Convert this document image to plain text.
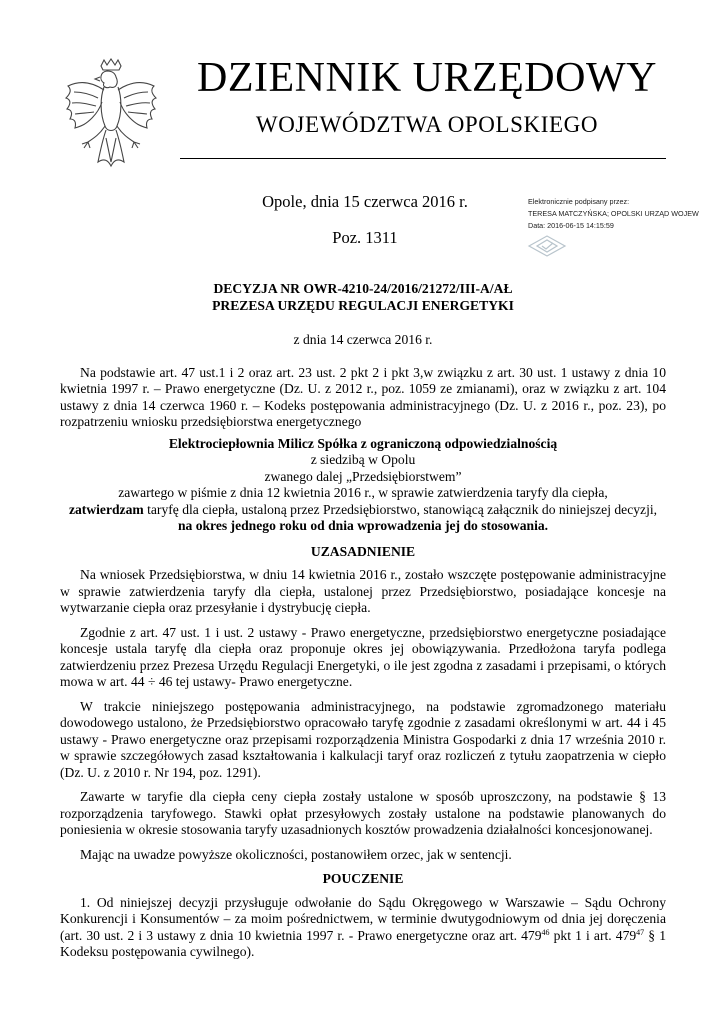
DZIENNIK URZĘDOWY
WOJEWÓDZTWA OPOLSKIEGO
Opole, dnia 15 czerwca 2016 r.
Poz. 1311
Elektronicznie podpisany przez:
TERESA MATCZYŃSKA; OPOLSKI URZĄD WOJEW
Data: 2016-06-15 14:15:59

DECYZJA NR OWR-4210-24/2016/21272/III-A/AŁ

PREZESA URZĘDU REGULACJI ENERGETYKI

z dnia 14 czerwca 2016 r.

Na podstawie art. 47 ust.1 i 2 oraz art. 23 ust. 2 pkt 2 i pkt 3,w związku z art. 30 ust. 1 ustawy z dnia 10 kwietnia 1997 r. – Prawo energetyczne (Dz. U. z 2012 r., poz. 1059 ze zmianami), oraz w związku z art. 104 ustawy z dnia 14 czerwca 1960 r. – Kodeks postępowania administracyjnego (Dz. U. z 2016 r., poz. 23), po rozpatrzeniu wniosku przedsiębiorstwa energetycznego

Elektrociepłownia Milicz Spółka z ograniczoną odpowiedzialnością

z siedzibą w Opolu

zwanego dalej „Przedsiębiorstwem”

zawartego w piśmie z dnia 12 kwietnia 2016 r., w sprawie zatwierdzenia taryfy dla ciepła,

zatwierdzam taryfę dla ciepła, ustaloną przez Przedsiębiorstwo, stanowiącą załącznik do niniejszej decyzji,

na okres jednego roku od dnia wprowadzenia jej do stosowania.

UZASADNIENIE

Na wniosek Przedsiębiorstwa, w dniu 14 kwietnia 2016 r., zostało wszczęte postępowanie administracyjne w sprawie zatwierdzenia taryfy dla ciepła, ustalonej przez Przedsiębiorstwo, posiadające koncesje na wytwarzanie ciepła oraz przesyłanie i dystrybucję ciepła.

Zgodnie z art. 47 ust. 1 i ust. 2 ustawy - Prawo energetyczne, przedsiębiorstwo energetyczne posiadające koncesje ustala taryfę dla ciepła oraz proponuje okres jej obowiązywania. Przedłożona taryfa podlega zatwierdzeniu przez Prezesa Urzędu Regulacji Energetyki, o ile jest zgodna z zasadami i przepisami, o których mowa w art. 44 ÷ 46 tej ustawy- Prawo energetyczne.

W trakcie niniejszego postępowania administracyjnego, na podstawie zgromadzonego materiału dowodowego ustalono, że Przedsiębiorstwo opracowało taryfę zgodnie z zasadami określonymi w art. 44 i 45 ustawy - Prawo energetyczne oraz przepisami rozporządzenia Ministra Gospodarki z dnia 17 września 2010 r. w sprawie szczegółowych zasad kształtowania i kalkulacji taryf oraz rozliczeń z tytułu zaopatrzenia w ciepło (Dz. U. z 2010 r. Nr 194, poz. 1291).

Zawarte w taryfie dla ciepła ceny ciepła zostały ustalone w sposób uproszczony, na podstawie § 13 rozporządzenia taryfowego. Stawki opłat przesyłowych zostały ustalone na podstawie planowanych do poniesienia w okresie stosowania taryfy uzasadnionych kosztów prowadzenia działalności koncesjonowanej.

Mając na uwadze powyższe okoliczności, postanowiłem orzec, jak w sentencji.

POUCZENIE

1. Od niniejszej decyzji przysługuje odwołanie do Sądu Okręgowego w Warszawie – Sądu Ochrony Konkurencji i Konsumentów – za moim pośrednictwem, w terminie dwutygodniowym od dnia jej doręczenia (art. 30 ust. 2 i 3 ustawy z dnia 10 kwietnia 1997 r. - Prawo energetyczne oraz art. $479^{46}$ pkt 1 i art. $479^{47}$ § 1 Kodeksu postępowania cywilnego).
